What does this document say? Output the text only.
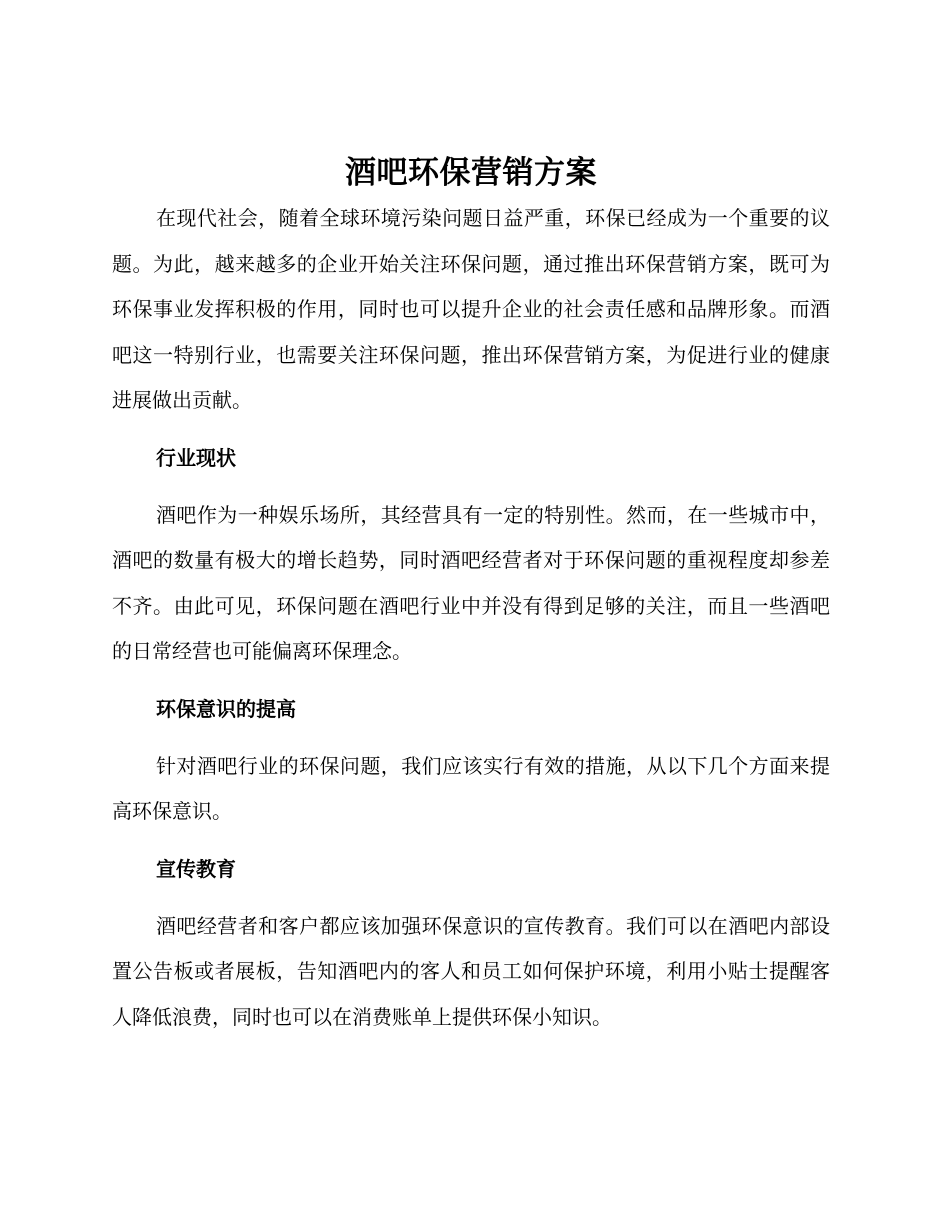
酒吧环保营销方案

在现代社会，随着全球环境污染问题日益严重，环保已经成为一个重要的议题。为此，越来越多的企业开始关注环保问题，通过推出环保营销方案，既可为环保事业发挥积极的作用，同时也可以提升企业的社会责任感和品牌形象。而酒吧这一特别行业，也需要关注环保问题，推出环保营销方案，为促进行业的健康进展做出贡献。

行业现状

酒吧作为一种娱乐场所，其经营具有一定的特别性。然而，在一些城市中，酒吧的数量有极大的增长趋势，同时酒吧经营者对于环保问题的重视程度却参差不齐。由此可见，环保问题在酒吧行业中并没有得到足够的关注，而且一些酒吧的日常经营也可能偏离环保理念。

环保意识的提高

针对酒吧行业的环保问题，我们应该实行有效的措施，从以下几个方面来提高环保意识。

宣传教育

酒吧经营者和客户都应该加强环保意识的宣传教育。我们可以在酒吧内部设置公告板或者展板，告知酒吧内的客人和员工如何保护环境，利用小贴士提醒客人降低浪费，同时也可以在消费账单上提供环保小知识。
